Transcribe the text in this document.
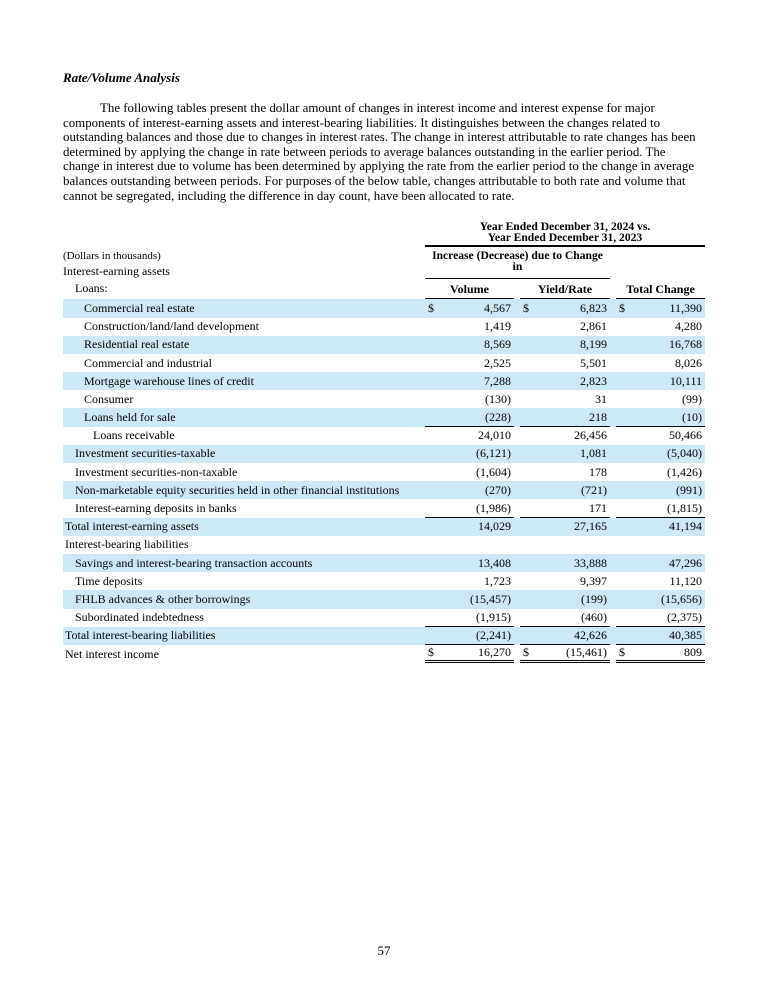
Rate/Volume Analysis

The following tables present the dollar amount of changes in interest income and interest expense for major components of interest-earning assets and interest-bearing liabilities. It distinguishes between the changes related to outstanding balances and those due to changes in interest rates. The change in interest attributable to rate changes has been determined by applying the change in rate between periods to average balances outstanding in the earlier period. The change in interest due to volume has been determined by applying the rate from the earlier period to the change in average balances outstanding between periods. For purposes of the below table, changes attributable to both rate and volume that cannot be segregated, including the difference in day count, have been allocated to rate.

Year Ended December 31, 2024 vs.
Year Ended December 31, 2023
(Dollars in thousands)
Interest-earning assets
Increase (Decrease) due to Change
in
Loans:	Volume	Yield/Rate	Total Change
Commercial real estate	$	4,567 $	6,823 $	11,390
Construction/land/land development	1,419	2,861	4,280
Residential real estate	8,569	8,199	16,768
Commercial and industrial	2,525	5,501	8,026
Mortgage warehouse lines of credit	7,288	2,823	10,111
Consumer	(130)	31	(99)
Loans held for sale	(228)	218	(10)
Loans receivable	24,010	26,456	50,466
Investment securities-taxable	(6,121)	1,081	(5,040)
Investment securities-non-taxable	(1,604)	178	(1,426)
Non-marketable equity securities held in other financial institutions	(270)	(721)	(991)
Interest-earning deposits in banks	(1,986)	171	(1,815)
Total interest-earning assets	14,029	27,165	41,194
Interest-bearing liabilities
Savings and interest-bearing transaction accounts	13,408	33,888	47,296
Time deposits	1,723	9,397	11,120
FHLB advances & other borrowings	(15,457)	(199)	(15,656)
Subordinated indebtedness	(1,915)	(460)	(2,375)
Total interest-bearing liabilities	(2,241)	42,626	40,385
Net interest income	$	16,270 $	(15,461) $	809
57
